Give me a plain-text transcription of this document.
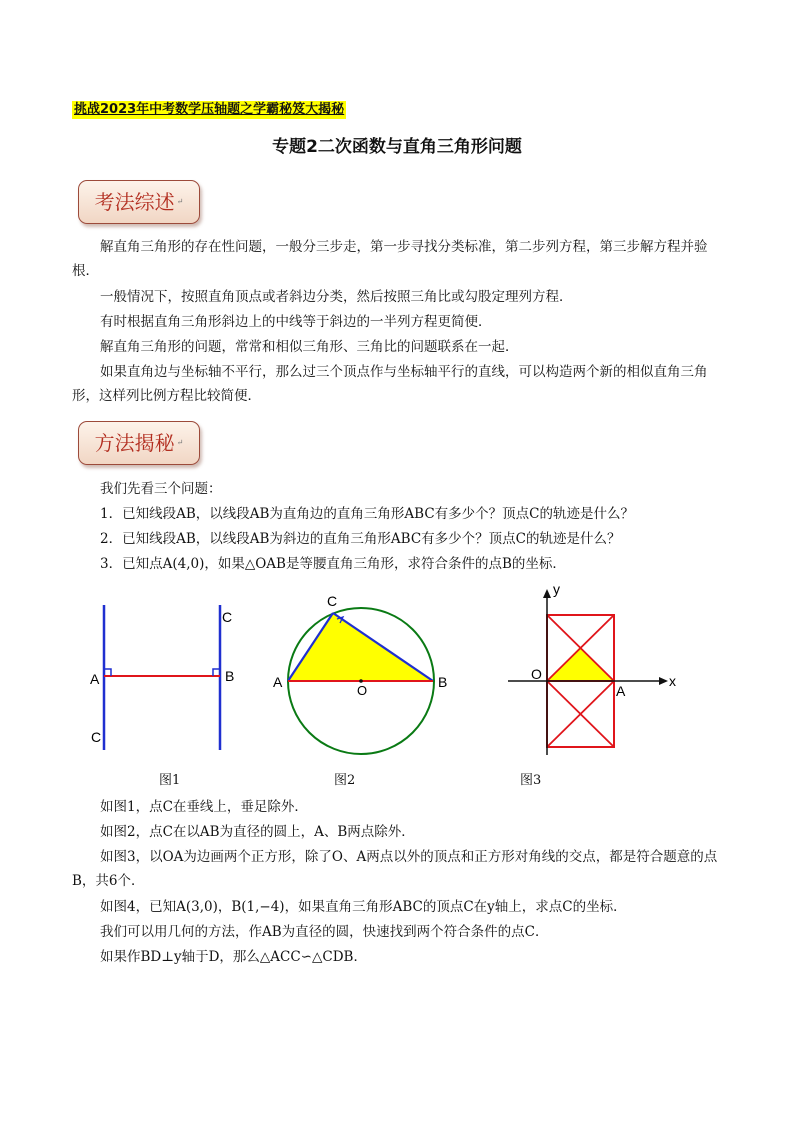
挑战2023年中考数学压轴题之学霸秘笈大揭秘
专题2二次函数与直角三角形问题
考法综述 ↵

解直角三角形的存在性问题，一般分三步走，第一步寻找分类标准，第二步列方程，第三步解方程并验根．

一般情况下，按照直角顶点或者斜边分类，然后按照三角比或勾股定理列方程．

有时根据直角三角形斜边上的中线等于斜边的一半列方程更简便．

解直角三角形的问题，常常和相似三角形、三角比的问题联系在一起．

如果直角边与坐标轴不平行，那么过三个顶点作与坐标轴平行的直线，可以构造两个新的相似直角三角形，这样列比例方程比较简便．

方法揭秘 ↵
我们先看三个问题：
1．已知线段AB，以线段AB为直角边的直角三角形ABC有多少个？顶点C的轨迹是什么？
2．已知线段AB，以线段AB为斜边的直角三角形ABC有多少个？顶点C的轨迹是什么？
3．已知点A(4,0)，如果△OAB是等腰直角三角形，求符合条件的点B的坐标．
A	B
C
C
A	B
C
O
O
A
x
y
图1	图2	图3

如图1，点C在垂线上，垂足除外．

如图2，点C在以AB为直径的圆上，A、B两点除外．

如图3，以OA为边画两个正方形，除了O、A两点以外的顶点和正方形对角线的交点，都是符合题意的点B，共6个．

如图4，已知A(3,0)，B(1,−4)，如果直角三角形ABC的顶点C在y轴上，求点C的坐标．

我们可以用几何的方法，作AB为直径的圆，快速找到两个符合条件的点C．

如果作BD⊥y轴于D，那么△ACC∽△CDB．
